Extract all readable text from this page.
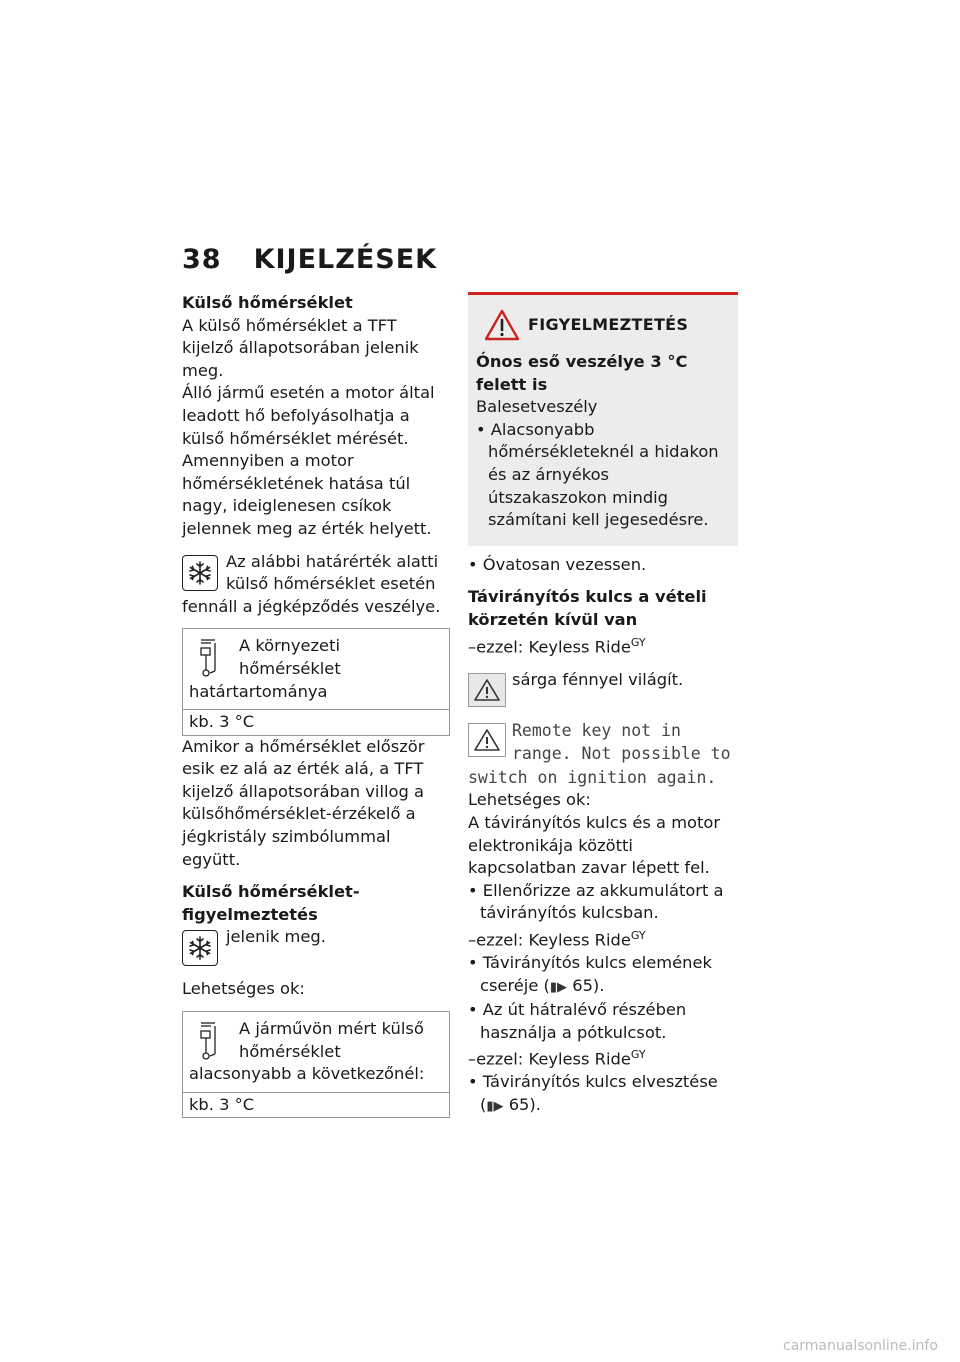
38 KIJELZÉSEK

Külső hőmérséklet

A külső hőmérséklet a TFT kijelző állapotsorában jelenik meg.

Álló jármű esetén a motor által leadott hő befolyásolhatja a külső hőmérséklet mérését. Amennyiben a motor hőmérsékletének hatása túl nagy, ideiglenesen csíkok jelennek meg az érték helyett.

Az alábbi határérték alatti külső hőmérséklet esetén fennáll a jégképződés veszélye.
A környezeti hőmérséklet határtartománya
kb. 3 °C

Amikor a hőmérséklet először esik ez alá az érték alá, a TFT kijelző állapotsorában villog a külsőhőmérséklet-érzékelő a jégkristály szimbólummal együtt.

Külső hőmérséklet-figyelmeztetés

jelenik meg.

Lehetséges ok:

A járművön mért külső hőmérséklet alacsonyabb a következőnél:
kb. 3 °C
FIGYELMEZTETÉS

Ónos eső veszélye 3 °C felett is

Balesetveszély

• Alacsonyabb hőmérsékleteknél a hidakon és az árnyékos útszakaszokon mindig számítani kell jegesedésre.

• Óvatosan vezessen.

Távirányítós kulcs a vételi körzetén kívül van

–ezzel: Keyless Ride$^{GY}$

sárga fénnyel világít.
Remote key not in range. Not possible to switch on ignition again.

Lehetséges ok:

A távirányítós kulcs és a motor elektronikája közötti kapcsolatban zavar lépett fel.

• Ellenőrizze az akkumulátort a távirányítós kulcsban.

–ezzel: Keyless Ride$^{GY}$

• Távirányítós kulcs elemének cseréje (▮▶ 65).

• Az út hátralévő részében használja a pótkulcsot.

–ezzel: Keyless Ride$^{GY}$

• Távirányítós kulcs elvesztése (▮▶ 65).

carmanualsonline.info
